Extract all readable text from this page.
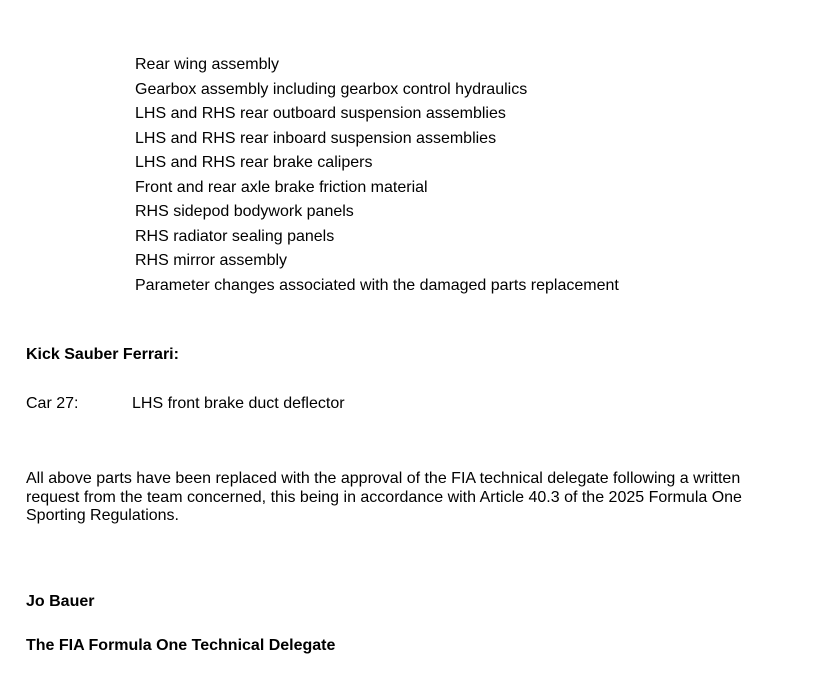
Rear wing assembly
Gearbox assembly including gearbox control hydraulics
LHS and RHS rear outboard suspension assemblies
LHS and RHS rear inboard suspension assemblies
LHS and RHS rear brake calipers
Front and rear axle brake friction material
RHS sidepod bodywork panels
RHS radiator sealing panels
RHS mirror assembly
Parameter changes associated with the damaged parts replacement
Kick Sauber Ferrari:
Car 27:	LHS front brake duct deflector

All above parts have been replaced with the approval of the FIA technical delegate following a written request from the team concerned, this being in accordance with Article 40.3 of the 2025 Formula One Sporting Regulations.

Jo Bauer
The FIA Formula One Technical Delegate
